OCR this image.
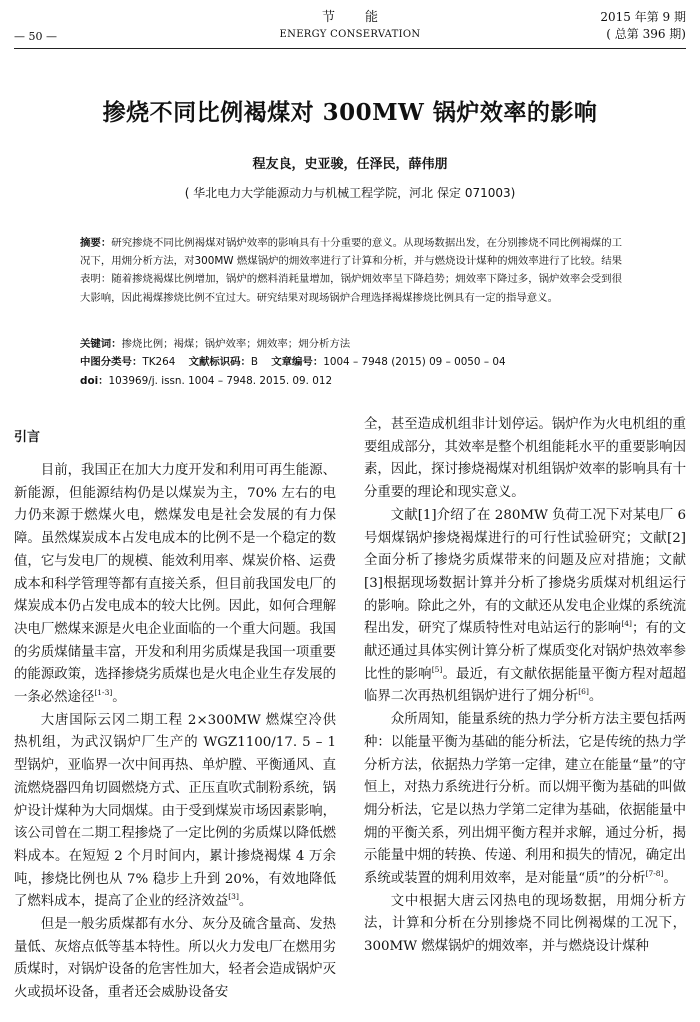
节能
ENERGY CONSERVATION
— 50 —
2015 年第 9 期
( 总第 396 期)
掺烧不同比例褐煤对 300MW 锅炉效率的影响
程友良，史亚骏，任泽民，薛伟朋
( 华北电力大学能源动力与机械工程学院，河北 保定 071003)
摘要：研究掺烧不同比例褐煤对锅炉效率的影响具有十分重要的意义。从现场数据出发，在分别掺烧不同比例褐煤的工况下，用㶲分析方法，对300MW 燃煤锅炉的㶲效率进行了计算和分析，并与燃烧设计煤种的㶲效率进行了比较。结果表明：随着掺烧褐煤比例增加，锅炉的燃料消耗量增加，锅炉㶲效率呈下降趋势；㶲效率下降过多，锅炉效率会受到很大影响，因此褐煤掺烧比例不宜过大。研究结果对现场锅炉合理选择褐煤掺烧比例具有一定的指导意义。
关键词：掺烧比例；褐煤；锅炉效率；㶲效率；㶲分析方法
中图分类号：TK264 文献标识码：B 文章编号：1004 – 7948 (2015) 09 – 0050 – 04
doi：103969/j. issn. 1004 – 7948. 2015. 09. 012

引言

目前，我国正在加大力度开发和利用可再生能源、新能源，但能源结构仍是以煤炭为主，70% 左右的电力仍来源于燃煤火电，燃煤发电是社会发展的有力保障。虽然煤炭成本占发电成本的比例不是一个稳定的数值，它与发电厂的规模、能效利用率、煤炭价格、运费成本和科学管理等都有直接关系，但目前我国发电厂的煤炭成本仍占发电成本的较大比例。因此，如何合理解决电厂燃煤来源是火电企业面临的一个重大问题。我国的劣质煤储量丰富，开发和利用劣质煤是我国一项重要的能源政策，选择掺烧劣质煤也是火电企业生存发展的一条必然途径[1-3]。

大唐国际云冈二期工程 2×300MW 燃煤空冷供热机组，为武汉锅炉厂生产的 WGZ1100/17. 5 – 1 型锅炉，亚临界一次中间再热、单炉膛、平衡通风、直流燃烧器四角切圆燃烧方式、正压直吹式制粉系统，锅炉设计煤种为大同烟煤。由于受到煤炭市场因素影响，该公司曾在二期工程掺烧了一定比例的劣质煤以降低燃料成本。在短短 2 个月时间内，累计掺烧褐煤 4 万余吨，掺烧比例也从 7% 稳步上升到 20%，有效地降低了燃料成本，提高了企业的经济效益[3]。

但是一般劣质煤都有水分、灰分及硫含量高、发热量低、灰熔点低等基本特性。所以火力发电厂在燃用劣质煤时，对锅炉设备的危害性加大，轻者会造成锅炉灭火或损坏设备，重者还会威胁设备安

全，甚至造成机组非计划停运。锅炉作为火电机组的重要组成部分，其效率是整个机组能耗水平的重要影响因素，因此，探讨掺烧褐煤对机组锅炉效率的影响具有十分重要的理论和现实意义。

文献[1]介绍了在 280MW 负荷工况下对某电厂 6 号烟煤锅炉掺烧褐煤进行的可行性试验研究；文献[2]全面分析了掺烧劣质煤带来的问题及应对措施；文献[3]根据现场数据计算并分析了掺烧劣质煤对机组运行的影响。除此之外，有的文献还从发电企业煤的系统流程出发，研究了煤质特性对电站运行的影响[4]；有的文献还通过具体实例计算分析了煤质变化对锅炉热效率参比性的影响[5]。最近，有文献依据能量平衡方程对超超临界二次再热机组锅炉进行了㶲分析[6]。

众所周知，能量系统的热力学分析方法主要包括两种：以能量平衡为基础的能分析法，它是传统的热力学分析方法，依据热力学第一定律，建立在能量“量”的守恒上，对热力系统进行分析。而以㶲平衡为基础的叫做㶲分析法，它是以热力学第二定律为基础，依据能量中㶲的平衡关系，列出㶲平衡方程并求解，通过分析，揭示能量中㶲的转换、传递、利用和损失的情况，确定出系统或装置的㶲利用效率，是对能量“质”的分析[7-8]。

文中根据大唐云冈热电的现场数据，用㶲分析方法，计算和分析在分别掺烧不同比例褐煤的工况下，300MW 燃煤锅炉的㶲效率，并与燃烧设计煤种
